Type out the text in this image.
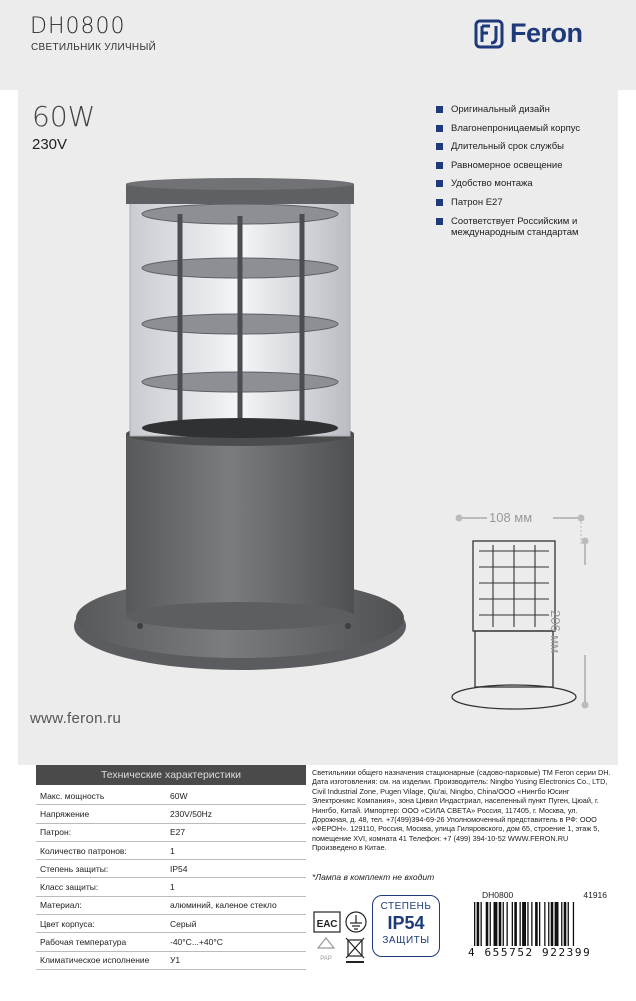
DH0800
СВЕТИЛЬНИК УЛИЧНЫЙ	Feron
60W
230V
Оригинальный дизайн
Влагонепроницаемый корпус
Длительный срок службы
Равномерное освещение
Удобство монтажа
Патрон E27
Соответствует Российским и международным стандартам
108 мм
206 мм
www.feron.ru
Технические характеристики
Макс. мощность	60W
Напряжение	230V/50Hz
Патрон:	E27
Количество патронов:	1
Степень защиты:	IP54
Класс защиты:	1
Материал:	алюминий, каленое стекло
Цвет корпуса:	Серый
Рабочая температура	-40°C...+40°C
Климатическое исполнение	У1
Светильники общего назначения стационарные (садово-парковые) ТМ Feron серии DH. Дата изготовления: см. на изделии. Производитель: Ningbo Yusing Electronics Co., LTD, Civil Industrial Zone, Pugen Vilage, Qiu'ai, Ningbo, China/ООО «Нингбо Юсинг Электроникс Компания», зона Цивил Индастриал, населенный пункт Пуген, Цюай, г. Нингбо, Китай. Импортер: ООО «СИЛА СВЕТА» Россия, 117405, г. Москва, ул. Дорожная, д. 48, тел. +7(499)394-69-26 Уполномоченный представитель в РФ: ООО «ФЕРОН». 129110, Россия, Москва, улица Гиляровского, дом 65, строение 1, этаж 5, помещение XVI, комната 41 Телефон: +7 (499) 394-10-52 WWW.FERON.RU Произведено в Китае.
*Лампа в комплект не входит
ЕАС
PAP
СТЕПЕНЬ
IP54
ЗАЩИТЫ
DH0800	41916
4 655752 922399
